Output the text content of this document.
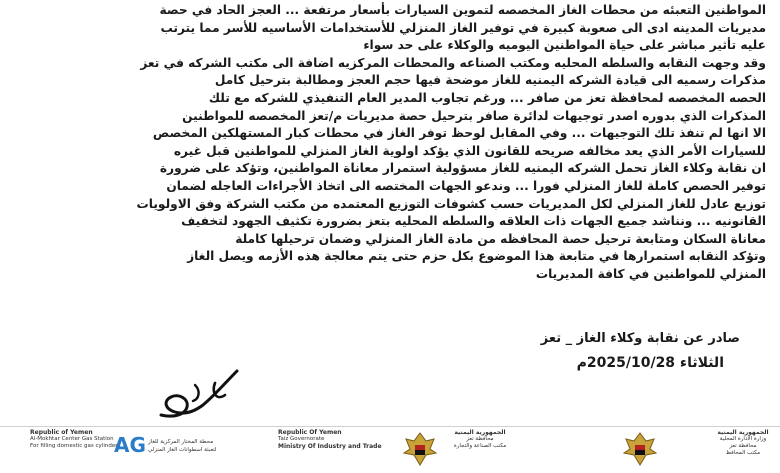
المواطنين التعبئه من محطات الغاز المخصصه لتموين السيارات بأسعار مرتفعة ... العجز الحاد في حصة
مديريات المدينه ادى الى صعوبة كبيرة في توفير الغاز المنزلي للأستخدامات الأساسيه للأسر مما يترتب
عليه تأثير مباشر على حياة المواطنين اليوميه والوكلاء على حد سواء
وقد وجهت النقابه والسلطه المحليه ومكتب الصناعه والمحطات المركزيه اضافة الى مكتب الشركه في تعز
مذكرات رسميه الى قيادة الشركه اليمنيه للغاز موضحة فيها حجم العجز ومطالبة بترحيل كامل
الحصه المخصصه لمحافظة تعز من صافر ... ورغم تجاوب المدير العام التنفيذي للشركه مع تلك
المذكرات الذي بدوره اصدر توجيهات لدائرة صافر بترحيل حصة مديريات م/تعز المخصصه للمواطنين
الا انها لم تنفذ تلك التوجيهات ... وفي المقابل لوحظ توفر الغاز في محطات كبار المستهلكين المخصص
للسيارات الأمر الذي يعد مخالفه صريحه للقانون الذي يؤكد اولوية الغاز المنزلي للمواطنين قبل غيره
ان نقابة وكلاء الغاز تحمل الشركه اليمنيه للغاز مسؤولية استمرار معاناة المواطنين، وتؤكد على ضرورة
توفير الحصص كاملة للغاز المنزلي فورا ... وندعو الجهات المختصه الى اتخاذ الأجراءات العاجله لضمان
توزيع عادل للغاز المنزلي لكل المديريات حسب كشوفات التوزيع المعتمده من مكتب الشركة وفق الاولويات
القانونيه ... ونناشد جميع الجهات ذات العلاقه والسلطه المحليه بتعز بضرورة تكثيف الجهود لتخفيف
معاناة السكان ومتابعة ترحيل حصة المحافظه من مادة الغاز المنزلي وضمان ترحيلها كاملة
وتؤكد النقابه استمرارها في متابعة هذا الموضوع بكل حزم حتى يتم معالجة هذه الأزمه ويصل الغاز
المنزلي للمواطنين في كافة المديريات
صادر عن نقابة وكلاء الغاز _ تعز
الثلاثاء 2025/10/28م
Republic of Yemen
Al-Mokhtar Center Gas Station
For filling domestic gas cylinders
AG محطة المختار المركزية للغاز
لتعبئة اسطوانات الغاز المنزلي
Republic Of Yemen
Taiz Governorate
Ministry Of Industry and Trade
الجمهورية اليمنية
محافظة تعز
مكتب الصناعة والتجارة
الجمهورية اليمنية
وزارة الادارة المحلية
محافظة تعز
مكتب المحافظ
